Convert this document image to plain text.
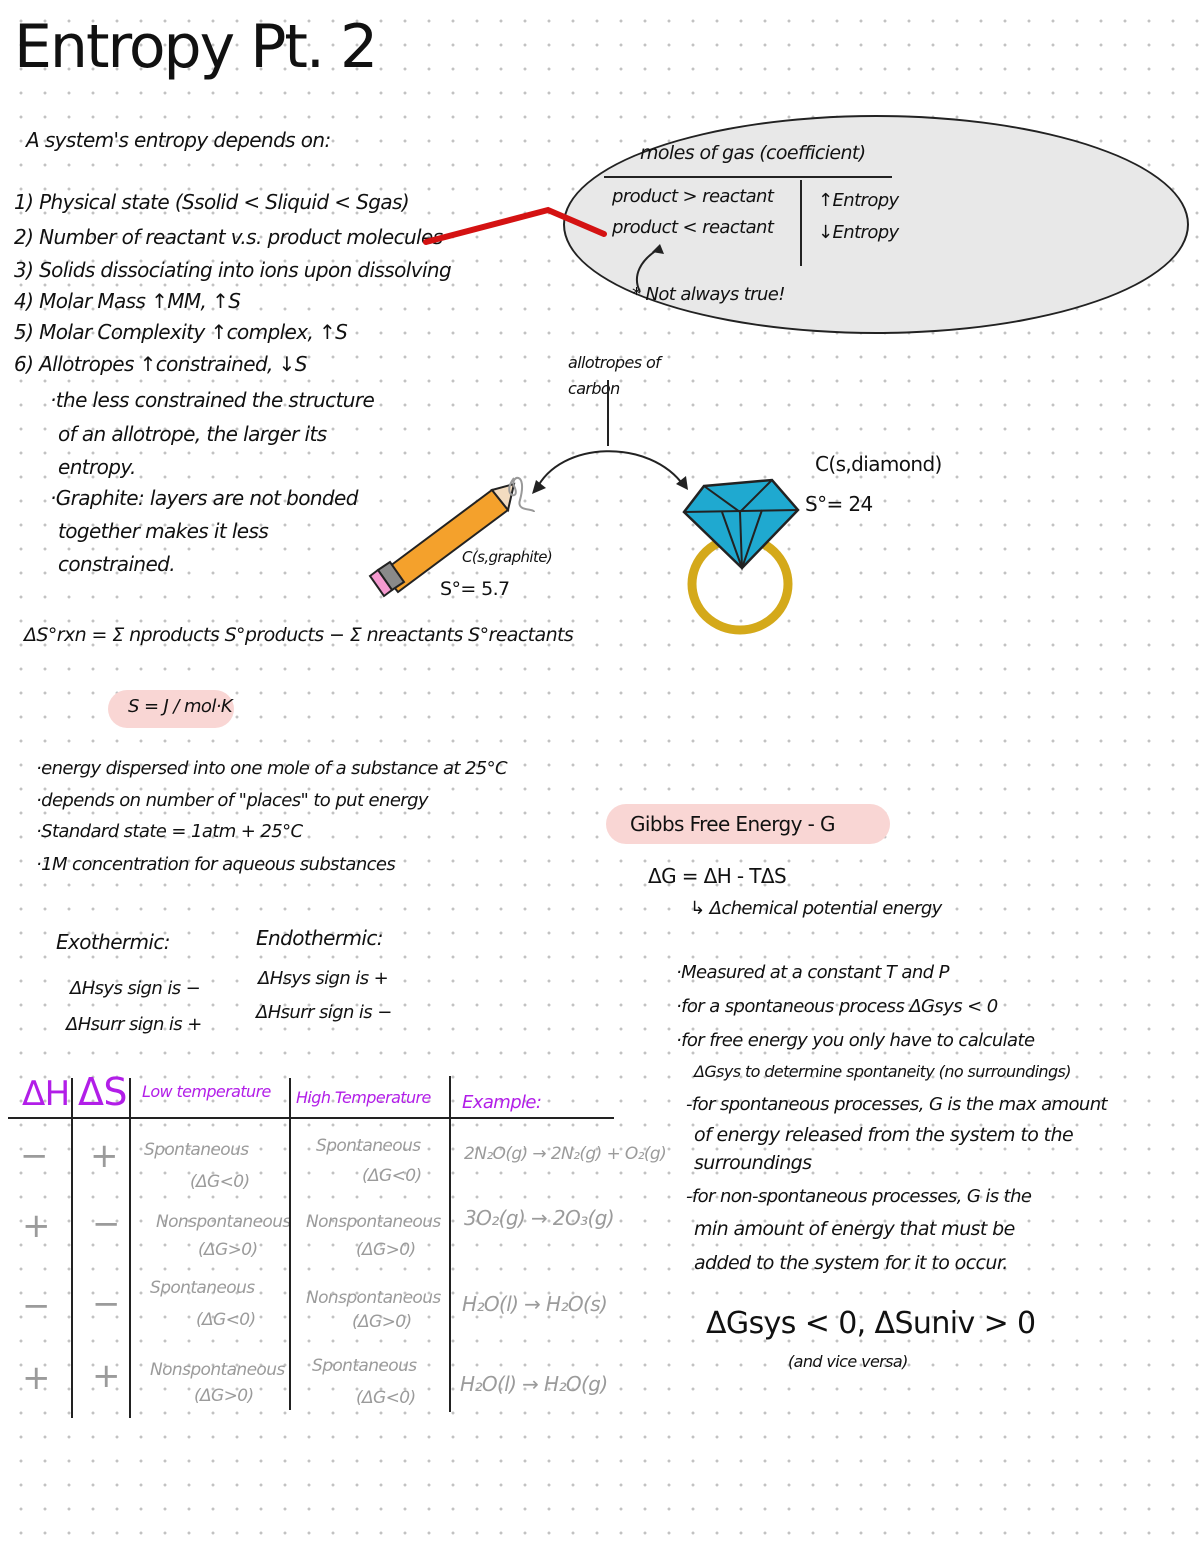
Entropy Pt. 2
A system's entropy depends on:
1) Physical state (Ssolid < Sliquid < Sgas)
2) Number of reactant v.s. product molecules
3) Solids dissociating into ions upon dissolving
4) Molar Mass ↑MM, ↑S
5) Molar Complexity ↑complex, ↑S
6) Allotropes ↑constrained, ↓S
·the less constrained the structure
of an allotrope, the larger its
entropy.
·Graphite: layers are not bonded
together makes it less
constrained.
moles of gas (coefficient)
product > reactant
product < reactant
↑Entropy
↓Entropy
* Not always true!
allotropes of carbon
C(s,diamond)
S°= 24
C(s,graphite)
S°= 5.7
ΔS°rxn = Σ nproducts S°products − Σ nreactants S°reactants
S = J / mol·K
·energy dispersed into one mole of a substance at 25°C
·depends on number of "places" to put energy
·Standard state = 1atm + 25°C
·1M concentration for aqueous substances
Exothermic:
ΔHsys sign is −
ΔHsurr sign is +
Endothermic:
ΔHsys sign is +
ΔHsurr sign is −
ΔH ΔS Low temperature High Temperature Example:
− + Spontaneous
(ΔG<0)
Spontaneous
(ΔG<0)
2N₂O(g) → 2N₂(g) + O₂(g)
+ − Nonspontaneous
(ΔG>0)
Nonspontaneous
(ΔG>0)
3O₂(g) → 2O₃(g)
− − Spontaneous
(ΔG<0)
Nonspontaneous
(ΔG>0)
H₂O(l) → H₂O(s)
+ + Nonspontaneous
(ΔG>0)
Spontaneous
(ΔG<0)
H₂O(l) → H₂O(g)
Gibbs Free Energy - G
ΔG = ΔH - TΔS
↳ Δchemical potential energy
·Measured at a constant T and P
·for a spontaneous process ΔGsys < 0
·for free energy you only have to calculate
ΔGsys to determine spontaneity (no surroundings)
-for spontaneous processes, G is the max amount
of energy released from the system to the
surroundings
-for non-spontaneous processes, G is the
min amount of energy that must be
added to the system for it to occur.
ΔGsys < 0, ΔSuniv > 0
(and vice versa)
